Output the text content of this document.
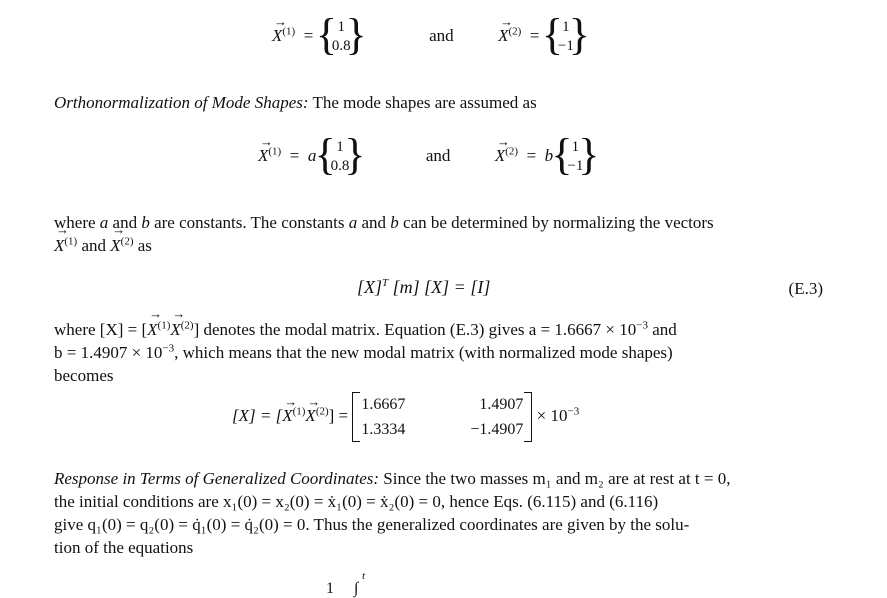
→ $X^{(1)}$  =	{ 1
0.8
}  and	→ $X^{(2)}$  = { 1
−1
}
Orthonormalization of Mode Shapes: The mode shapes are assumed as
→ $X^{(1)} = a$	{ 1
0.8
}  and	→ $X^{(2)} = b$ { 1
−1
}
where a and b are constants. The constants a and b can be determined by normalizing the vectors
→ $X^{(1)}$ and → $X^{(2)}$ as
$[X]^T$ [m] [X] = [I]	(E.3)
where [X] = [→ $X^{(1)}\to X^{(2)}$] denotes the modal matrix. Equation (E.3) gives $a = 1.6667 \times 10^{-3}$ and
$b = 1.4907 \times 10^{-3}$, which means that the new modal matrix (with normalized mode shapes)
becomes
[X] = [→ $X^{(1)}\to X^{(2)}$] =
1.6667	1.4907
1.3334	−1.4907
× $10^{-3}$
Response in Terms of Generalized Coordinates: Since the two masses m₁ and m₂ are at rest at t = 0,
the initial conditions are x₁(0) = x₂(0) = ẋ₁(0) = ẋ₂(0) = 0, hence Eqs. (6.115) and (6.116)
give q₁(0) = q₂(0) = q̇₁(0) = q̇₂(0) = 0. Thus the generalized coordinates are given by the solu-
tion of the equations
t
1     ∫
